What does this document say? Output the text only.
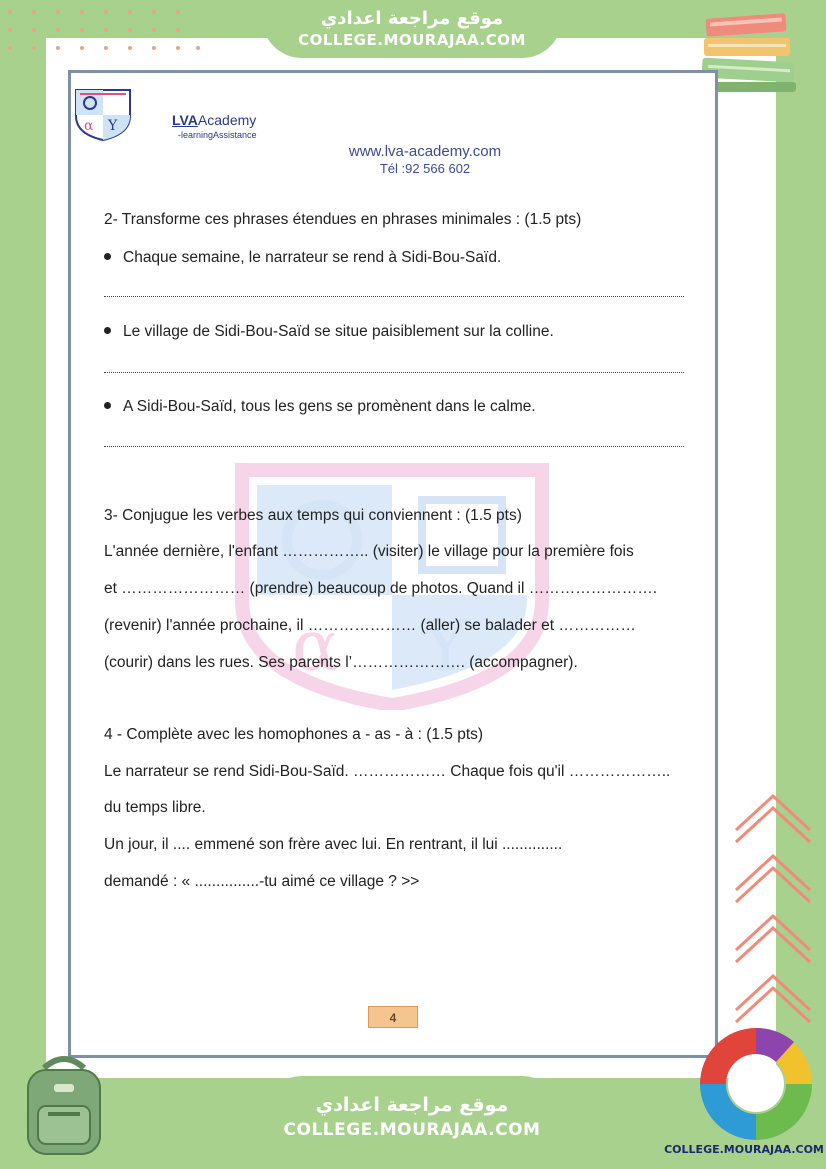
موقع مراجعة اعدادي
COLLEGE.MOURAJAA.COM
α Y	LVAAcademy
-learningAssistance
www.lva-academy.com
Tél :92 566 602
α Y
2- Transforme ces phrases étendues en phrases minimales : (1.5 pts)
Chaque semaine, le narrateur se rend à Sidi-Bou-Saïd.
Le village de Sidi-Bou-Saïd se situe paisiblement sur la colline.
A Sidi-Bou-Saïd, tous les gens se promènent dans le calme.
3- Conjugue les verbes aux temps qui conviennent : (1.5 pts)
L'année dernière, l'enfant …………….. (visiter) le village pour la première fois
et …………………… (prendre) beaucoup de photos. Quand il …………………….
(revenir) l'année prochaine, il ………………… (aller) se balader et ……………
(courir) dans les rues. Ses parents l’…………………. (accompagner).
4 - Complète avec les homophones a - as - à : (1.5 pts)
Le narrateur se rend Sidi-Bou-Saïd. ……………… Chaque fois qu'il ………………..
du temps libre.
Un jour, il .... emmené son frère avec lui. En rentrant, il lui ..............
demandé : « ...............-tu aimé ce village ? >>
4
موقع مراجعة اعدادي
COLLEGE.MOURAJAA.COM
COLLEGE.MOURAJAA.COM
